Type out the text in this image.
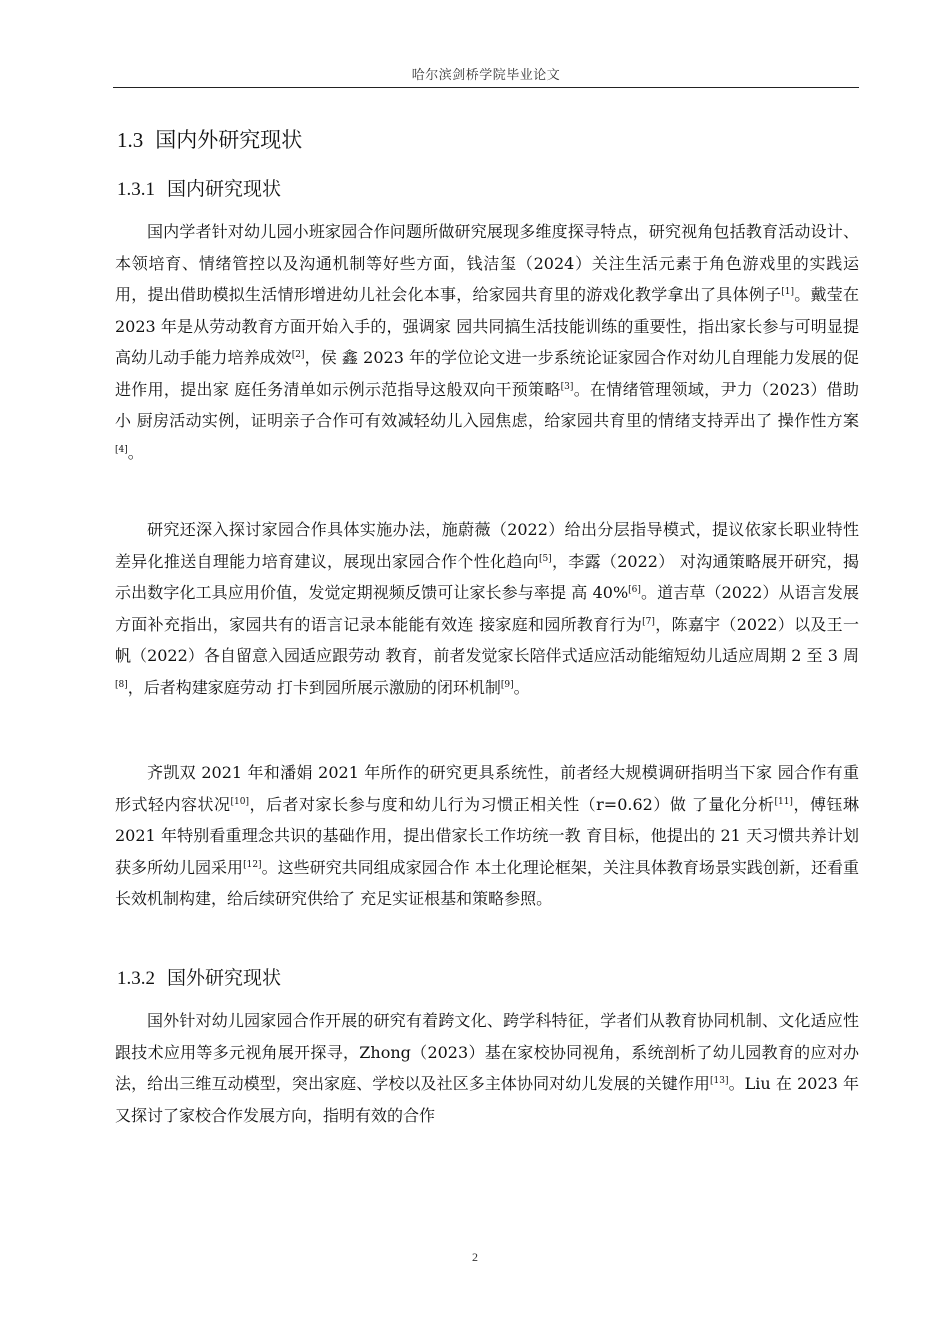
哈尔滨剑桥学院毕业论文
1.3 国内外研究现状
1.3.1 国内研究现状

国内学者针对幼儿园小班家园合作问题所做研究展现多维度探寻特点，研究视角包括教育活动设计、本领培育、情绪管控以及沟通机制等好些方面，钱洁玺（2024）关注生活元素于角色游戏里的实践运用，提出借助模拟生活情形增进幼儿社会化本事，给家园共育里的游戏化教学拿出了具体例子[1]。戴莹在 2023 年是从劳动教育方面开始入手的，强调家 园共同搞生活技能训练的重要性，指出家长参与可明显提高幼儿动手能力培养成效[2]，侯 鑫 2023 年的学位论文进一步系统论证家园合作对幼儿自理能力发展的促进作用，提出家 庭任务清单如示例示范指导这般双向干预策略[3]。在情绪管理领域，尹力（2023）借助小 厨房活动实例，证明亲子合作可有效减轻幼儿入园焦虑，给家园共育里的情绪支持弄出了 操作性方案[4]。

研究还深入探讨家园合作具体实施办法，施蔚薇（2022）给出分层指导模式，提议依家长职业特性差异化推送自理能力培育建议，展现出家园合作个性化趋向[5]，李露（2022） 对沟通策略展开研究，揭示出数字化工具应用价值，发觉定期视频反馈可让家长参与率提 高 40%[6]。道吉草（2022）从语言发展方面补充指出，家园共有的语言记录本能能有效连 接家庭和园所教育行为[7]，陈嘉宇（2022）以及王一帆（2022）各自留意入园适应跟劳动 教育，前者发觉家长陪伴式适应活动能缩短幼儿适应周期 2 至 3 周[8]，后者构建家庭劳动 打卡到园所展示激励的闭环机制[9]。

齐凯双 2021 年和潘娟 2021 年所作的研究更具系统性，前者经大规模调研指明当下家 园合作有重形式轻内容状况[10]，后者对家长参与度和幼儿行为习惯正相关性（r=0.62）做 了量化分析[11]，傅钰琳 2021 年特别看重理念共识的基础作用，提出借家长工作坊统一教 育目标，他提出的 21 天习惯共养计划获多所幼儿园采用[12]。这些研究共同组成家园合作 本土化理论框架，关注具体教育场景实践创新，还看重长效机制构建，给后续研究供给了 充足实证根基和策略参照。

1.3.2 国外研究现状

国外针对幼儿园家园合作开展的研究有着跨文化、跨学科特征，学者们从教育协同机制、文化适应性跟技术应用等多元视角展开探寻，Zhong（2023）基在家校协同视角，系统剖析了幼儿园教育的应对办法，给出三维互动模型，突出家庭、学校以及社区多主体协同对幼儿发展的关键作用[13]。Liu 在 2023 年又探讨了家校合作发展方向，指明有效的合作

2
